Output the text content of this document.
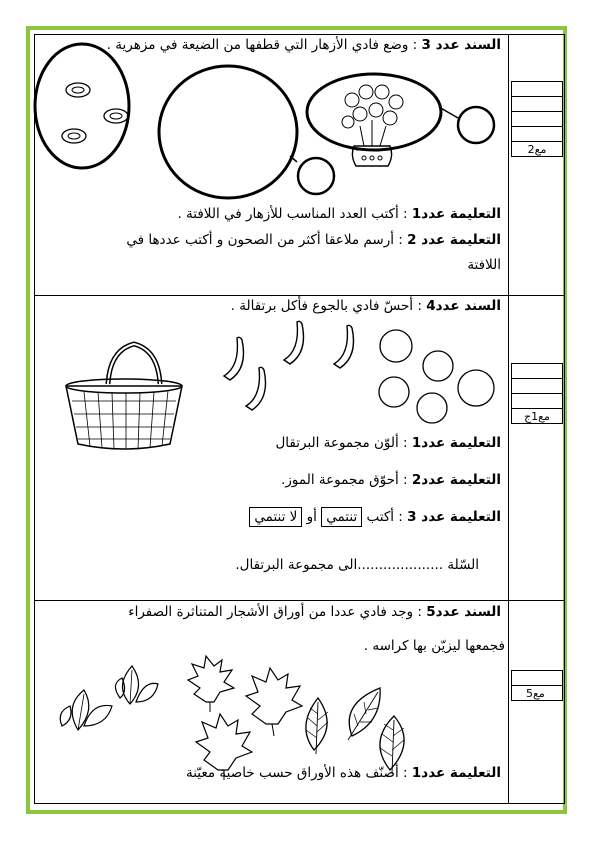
السند عدد 3 : وضع فادي الأزهار التي قطفها من الضيعة في مزهرية .
التعليمة عدد1 : أكتب العدد المناسب للأزهار في اللافتة .
التعليمة عدد 2 : أرسم ملاعقا أكثر من الصحون و أكتب عددها في
اللافتة
مع2
السند عدد4 : أحسّ فادي بالجوع فأكل برتقالة .
التعليمة عدد1 : ألوّن مجموعة البرتقال
التعليمة عدد2 : أحوّق مجموعة الموز.
التعليمة عدد 3 : أكتب تنتمي أو لا تنتمي
السّلة ....................الى مجموعة البرتقال.
مع1ج
السند عدد5 : وجد فادي عددا من أوراق الأشجار المتناثرة الصفراء
فجمعها ليزيّن بها كراسه .
التعليمة عدد1 : أصنّف هذه الأوراق حسب خاصية معيّنة
مع5
